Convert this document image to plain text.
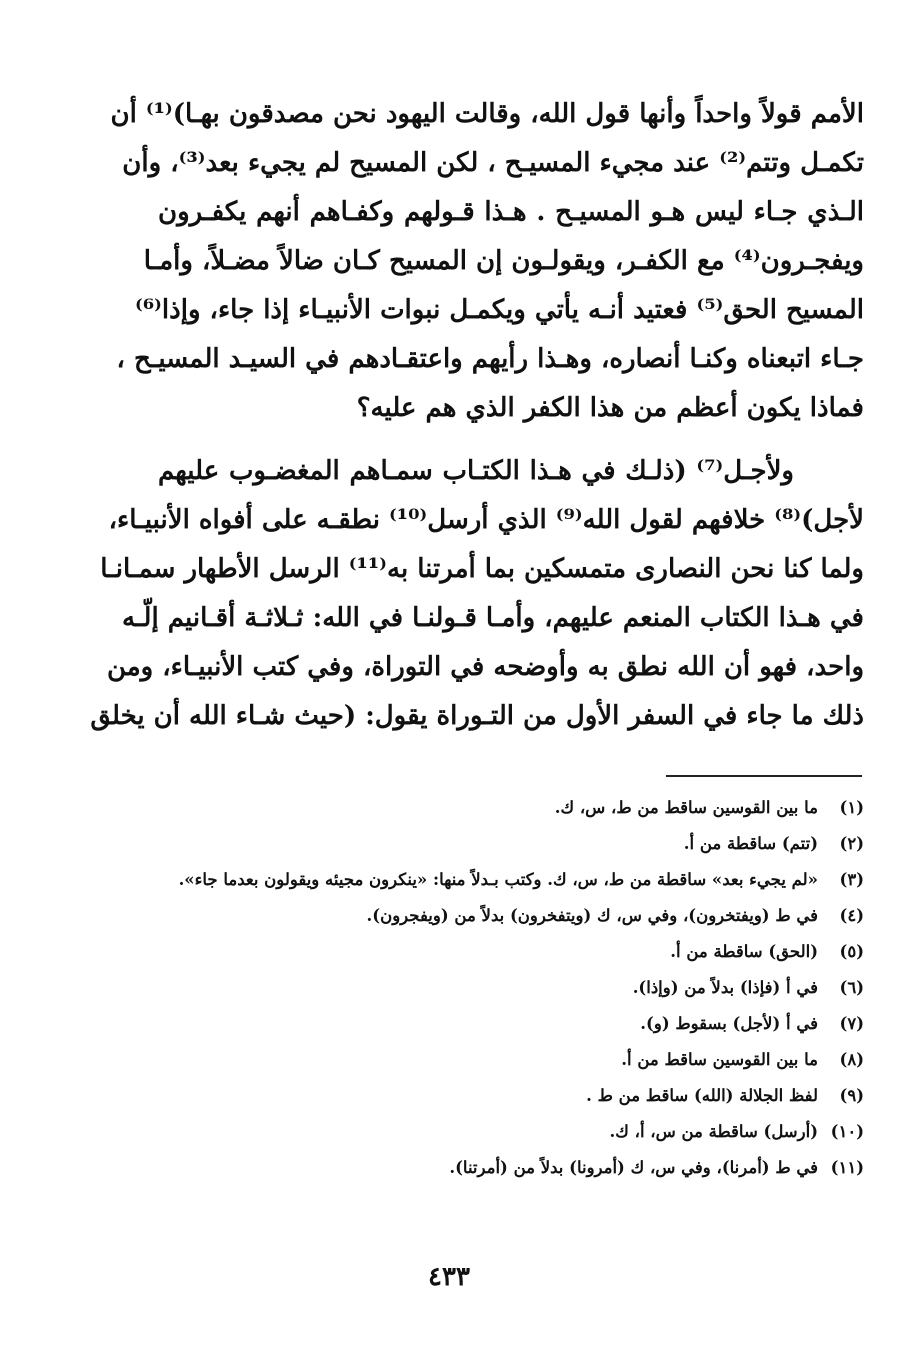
الأمم قولاً واحداً وأنها قول الله، وقالت اليهود نحن مصدقون بهـا)⁽¹⁾ أن
تكمـل وتتم⁽²⁾ عند مجيء المسيـح ، لكن المسيح لم يجيء بعد⁽³⁾، وأن
الـذي جـاء ليس هـو المسيـح . هـذا قـولهم وكفـاهم أنهم يكفـرون
ويفجـرون⁽⁴⁾ مع الكفـر، ويقولـون إن المسيح كـان ضالاً مضـلاً، وأمـا
المسيح الحق⁽⁵⁾ فعتيد أنـه يأتي ويكمـل نبوات الأنبيـاء إذا جاء، وإذا⁽⁶⁾
جـاء اتبعناه وكنـا أنصاره، وهـذا رأيهم واعتقـادهم في السيـد المسيـح ،
فماذا يكون أعظم من هذا الكفر الذي هم عليه؟
ولأجـل⁽⁷⁾ (ذلـك في هـذا الكتـاب سمـاهم المغضـوب عليهم
لأجل)⁽⁸⁾ خلافهم لقول الله⁽⁹⁾ الذي أرسل⁽¹⁰⁾ نطقـه على أفواه الأنبيـاء،
ولما كنا نحن النصارى متمسكين بما أمرتنا به⁽¹¹⁾ الرسل الأطهار سمـانـا
في هـذا الكتاب المنعم عليهم، وأمـا قـولنـا في الله: ثـلاثـة أقـانيم إلّـه
واحد، فهو أن الله نطق به وأوضحه في التوراة، وفي كتب الأنبيـاء، ومن
ذلك ما جاء في السفر الأول من التـوراة يقول: (حيث شـاء الله أن يخلق
(١)
ما بين القوسين ساقط من ط، س، ك.
(٢)
(تتم) ساقطة من أ.
(٣)
«لم يجيء بعد» ساقطة من ط، س، ك. وكتب بـدلاً منها: «ينكرون مجيئه ويقولون بعدما جاء».
(٤)
في ط (ويفتخرون)، وفي س، ك (ويتفخرون) بدلاً من (ويفجرون).
(٥)
(الحق) ساقطة من أ.
(٦)
في أ (فإذا) بدلاً من (وإذا).
(٧)
في أ (لأجل) بسقوط (و).
(٨)
ما بين القوسين ساقط من أ.
(٩)
لفظ الجلالة (الله) ساقط من ط .
(١٠)
(أرسل) ساقطة من س، أ، ك.
(١١)
في ط (أمرنا)، وفي س، ك (أمرونا) بدلاً من (أمرتنا).
٤٣٣
